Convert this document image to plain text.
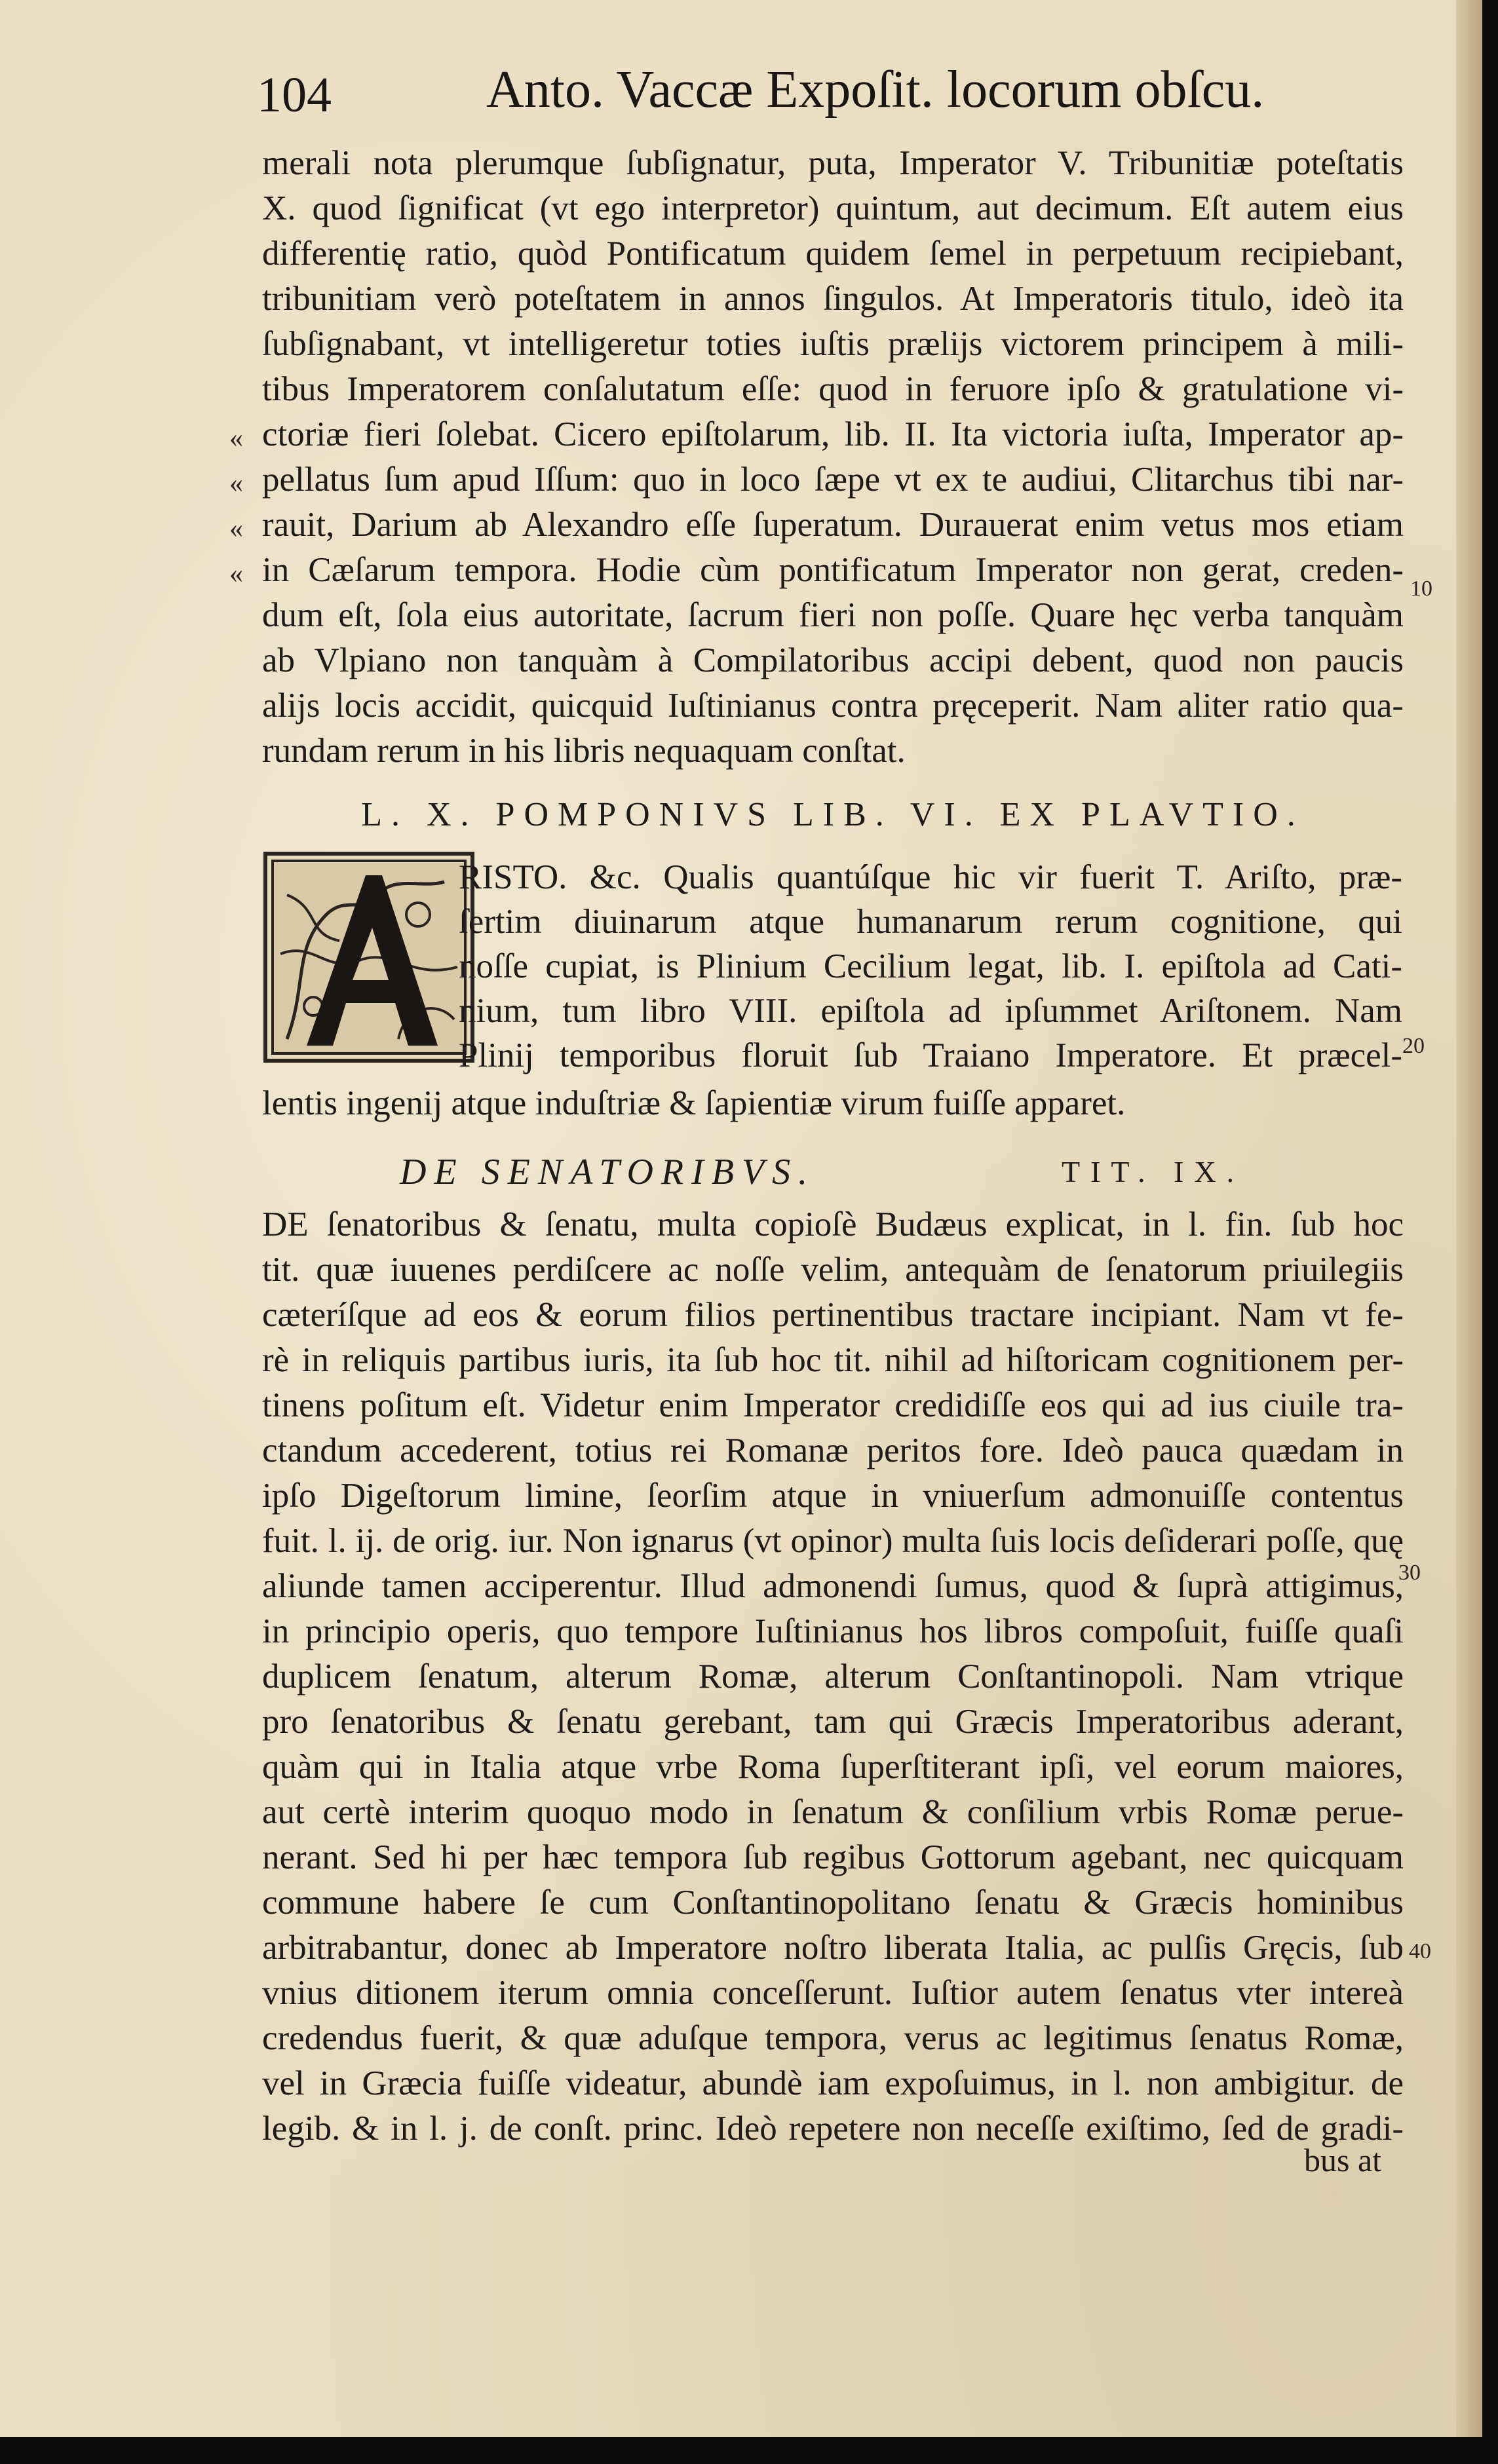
104	Anto. Vaccæ Expoſit. locorum obſcu.
merali nota plerumque ſubſignatur, puta, Imperator V. Tribunitiæ poteſtatis
X. quod ſignificat (vt ego interpretor) quintum, aut decimum. Eſt autem eius
differentię ratio, quòd Pontificatum quidem ſemel in perpetuum recipiebant,
tribunitiam verò poteſtatem in annos ſingulos. At Imperatoris titulo, ideò ita
ſubſignabant, vt intelligeretur toties iuſtis prælijs victorem principem à mili-
tibus Imperatorem conſalutatum eſſe: quod in feruore ipſo & gratulatione vi-
ctoriæ fieri ſolebat. Cicero epiſtolarum, lib. II. Ita victoria iuſta, Imperator ap-
pellatus ſum apud Iſſum: quo in loco ſæpe vt ex te audiui, Clitarchus tibi nar-
rauit, Darium ab Alexandro eſſe ſuperatum. Durauerat enim vetus mos etiam
in Cæſarum tempora. Hodie cùm pontificatum Imperator non gerat, creden-
dum eſt, ſola eius autoritate, ſacrum fieri non poſſe. Quare hęc verba tanquàm
ab Vlpiano non tanquàm à Compilatoribus accipi debent, quod non paucis
alijs locis accidit, quicquid Iuſtinianus contra pręceperit. Nam aliter ratio qua-
rundam rerum in his libris nequaquam conſtat.
«
«
«
«	10
L. X. POMPONIVS LIB. VI. EX PLAVTIO.
RISTO. &c. Qualis quantúſque hic vir fuerit T. Ariſto, præ-
ſertim diuinarum atque humanarum rerum cognitione, qui
noſſe cupiat, is Plinium Cecilium legat, lib. I. epiſtola ad Cati-
nium, tum libro VIII. epiſtola ad ipſummet Ariſtonem. Nam
Plinij temporibus floruit ſub Traiano Imperatore. Et præcel-
lentis ingenij atque induſtriæ & ſapientiæ virum fuiſſe apparet.
20
DE SENATORIBVS.	TIT. IX.
DE ſenatoribus & ſenatu, multa copioſè Budæus explicat, in l. fin. ſub hoc
tit. quæ iuuenes perdiſcere ac noſſe velim, antequàm de ſenatorum priuilegiis
cæteríſque ad eos & eorum filios pertinentibus tractare incipiant. Nam vt fe-
rè in reliquis partibus iuris, ita ſub hoc tit. nihil ad hiſtoricam cognitionem per-
tinens poſitum eſt. Videtur enim Imperator credidiſſe eos qui ad ius ciuile tra-
ctandum accederent, totius rei Romanæ peritos fore. Ideò pauca quædam in
ipſo Digeſtorum limine, ſeorſim atque in vniuerſum admonuiſſe contentus
fuit. l. ij. de orig. iur. Non ignarus (vt opinor) multa ſuis locis deſiderari poſſe, quę
aliunde tamen acciperentur. Illud admonendi ſumus, quod & ſuprà attigimus,
in principio operis, quo tempore Iuſtinianus hos libros compoſuit, fuiſſe quaſi
duplicem ſenatum, alterum Romæ, alterum Conſtantinopoli. Nam vtrique
pro ſenatoribus & ſenatu gerebant, tam qui Græcis Imperatoribus aderant,
quàm qui in Italia atque vrbe Roma ſuperſtiterant ipſi, vel eorum maiores,
aut certè interim quoquo modo in ſenatum & conſilium vrbis Romæ perue-
nerant. Sed hi per hæc tempora ſub regibus Gottorum agebant, nec quicquam
commune habere ſe cum Conſtantinopolitano ſenatu & Græcis hominibus
arbitrabantur, donec ab Imperatore noſtro liberata Italia, ac pulſis Gręcis, ſub
vnius ditionem iterum omnia conceſſerunt. Iuſtior autem ſenatus vter intereà
credendus fuerit, & quæ aduſque tempora, verus ac legitimus ſenatus Romæ,
vel in Græcia fuiſſe videatur, abundè iam expoſuimus, in l. non ambigitur. de
legib. & in l. j. de conſt. princ. Ideò repetere non neceſſe exiſtimo, ſed de gradi-
30
40
bus at
